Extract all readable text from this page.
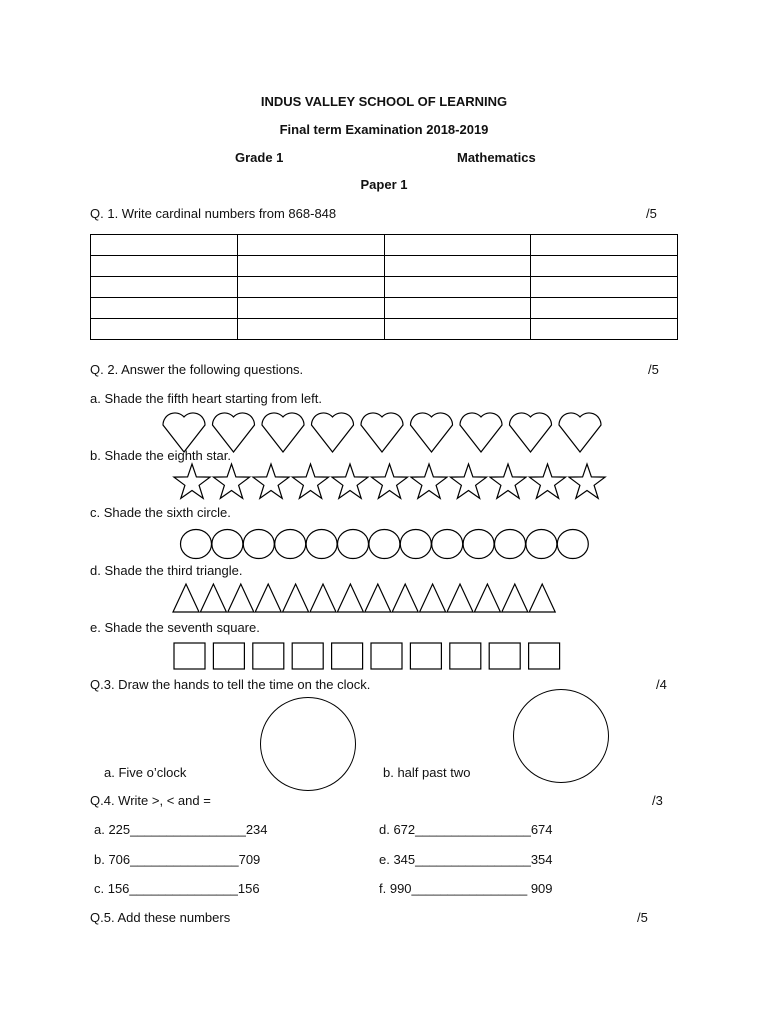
INDUS VALLEY SCHOOL OF LEARNING
Final term Examination 2018-2019
Grade 1	Mathematics
Paper 1
Q. 1. Write cardinal numbers from 868-848	/5

Q. 2. Answer the following questions.	/5
a. Shade the fifth heart starting from left.
b. Shade the eighth star.
c. Shade the sixth circle.
d. Shade the third triangle.
e. Shade the seventh square.
Q.3. Draw the hands to tell the time on the clock.	/4
a. Five o’clock	b. half past two
Q.4. Write >, < and =	/3
a. 225________________234
b. 706_______________709
c. 156_______________156
d. 672________________674
e. 345________________354
f. 990________________ 909
Q.5. Add these numbers	/5
